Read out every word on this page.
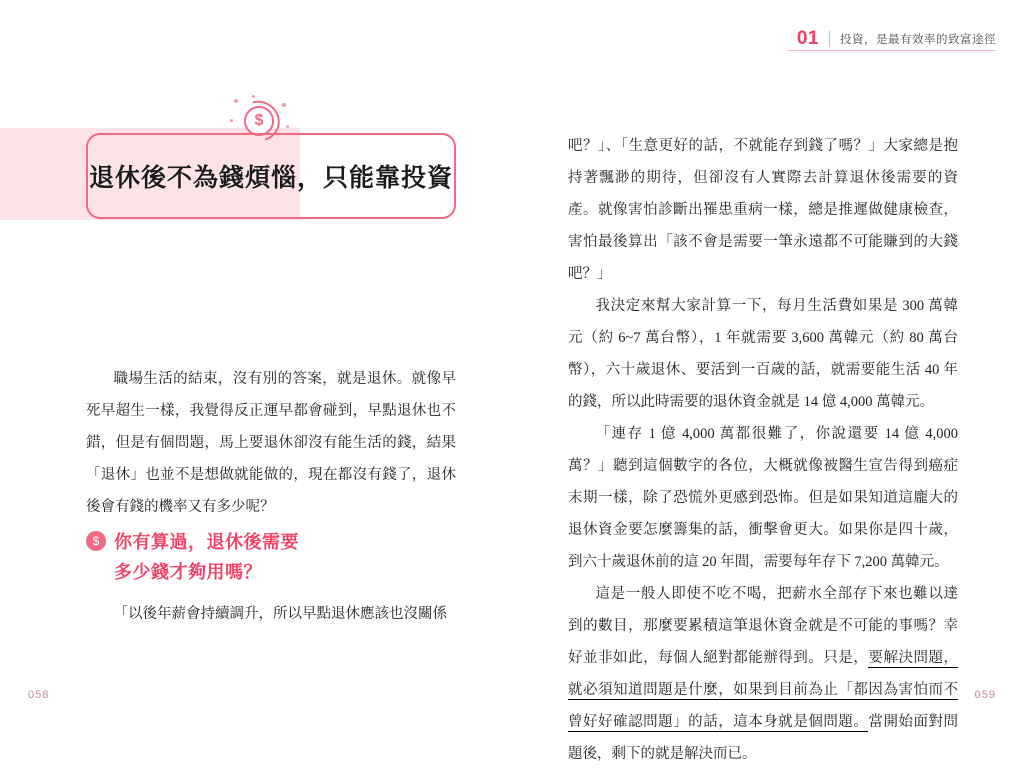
$
退休後不為錢煩惱，只能靠投資

職場生活的結束，沒有別的答案，就是退休。就像早死早超生一樣，我覺得反正運早都會碰到，早點退休也不錯，但是有個問題，馬上要退休卻沒有能生活的錢，結果「退休」也並不是想做就能做的，現在都沒有錢了，退休後會有錢的機率又有多少呢？

$ 你有算過，退休後需要
多少錢才夠用嗎？
「以後年薪會持續調升，所以早點退休應該也沒關係
058
01 投資，是最有效率的致富途徑

吧？」、「生意更好的話，不就能存到錢了嗎？」大家總是抱持著飄渺的期待，但卻沒有人實際去計算退休後需要的資產。就像害怕診斷出罹患重病一樣，總是推遲做健康檢查，害怕最後算出「該不會是需要一筆永遠都不可能賺到的大錢吧？」

我決定來幫大家計算一下，每月生活費如果是 300 萬韓元（約 6~7 萬台幣），1 年就需要 3,600 萬韓元（約 80 萬台幣），六十歲退休、要活到一百歲的話，就需要能生活 40 年的錢，所以此時需要的退休資金就是 14 億 4,000 萬韓元。

「連存 1 億 4,000 萬都很難了，你說還要 14 億 4,000 萬？」聽到這個數字的各位，大概就像被醫生宣告得到癌症末期一樣，除了恐慌外更感到恐怖。但是如果知道這龐大的退休資金要怎麼籌集的話，衝擊會更大。如果你是四十歲，到六十歲退休前的這 20 年間，需要每年存下 7,200 萬韓元。

這是一般人即使不吃不喝，把薪水全部存下來也難以達到的數目，那麼要累積這筆退休資金就是不可能的事嗎？幸好並非如此，每個人絕對都能辦得到。只是，要解決問題，就必須知道問題是什麼，如果到目前為止「都因為害怕而不曾好好確認問題」的話，這本身就是個問題。當開始面對問題後，剩下的就是解決而已。

059
